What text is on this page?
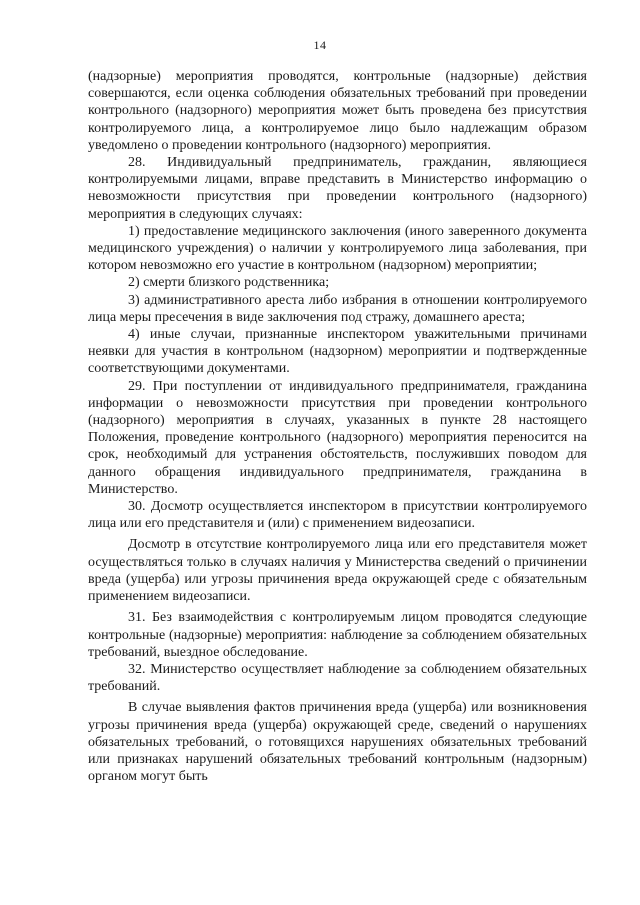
14

(надзорные) мероприятия проводятся, контрольные (надзорные) действия совершаются, если оценка соблюдения обязательных требований при проведении контрольного (надзорного) мероприятия может быть проведена без присутствия контролируемого лица, а контролируемое лицо было надлежащим образом уведомлено о проведении контрольного (надзорного) мероприятия.

28. Индивидуальный предприниматель, гражданин, являющиеся контролируемыми лицами, вправе представить в Министерство информацию о невозможности присутствия при проведении контрольного (надзорного) мероприятия в следующих случаях:

1) предоставление медицинского заключения (иного заверенного документа медицинского учреждения) о наличии у контролируемого лица заболевания, при котором невозможно его участие в контрольном (надзорном) мероприятии;

2) смерти близкого родственника;

3) административного ареста либо избрания в отношении контролируемого лица меры пресечения в виде заключения под стражу, домашнего ареста;

4) иные случаи, признанные инспектором уважительными причинами неявки для участия в контрольном (надзорном) мероприятии и подтвержденные соответствующими документами.

29. При поступлении от индивидуального предпринимателя, гражданина информации о невозможности присутствия при проведении контрольного (надзорного) мероприятия в случаях, указанных в пункте 28 настоящего Положения, проведение контрольного (надзорного) мероприятия переносится на срок, необходимый для устранения обстоятельств, послуживших поводом для данного обращения индивидуального предпринимателя, гражданина в Министерство.

30. Досмотр осуществляется инспектором в присутствии контролируемого лица или его представителя и (или) с применением видеозаписи.

Досмотр в отсутствие контролируемого лица или его представителя может осуществляться только в случаях наличия у Министерства сведений о причинении вреда (ущерба) или угрозы причинения вреда окружающей среде с обязательным применением видеозаписи.

31. Без взаимодействия с контролируемым лицом проводятся следующие контрольные (надзорные) мероприятия: наблюдение за соблюдением обязательных требований, выездное обследование.

32. Министерство осуществляет наблюдение за соблюдением обязательных требований.

В случае выявления фактов причинения вреда (ущерба) или возникновения угрозы причинения вреда (ущерба) окружающей среде, сведений о нарушениях обязательных требований, о готовящихся нарушениях обязательных требований или признаках нарушений обязательных требований контрольным (надзорным) органом могут быть
